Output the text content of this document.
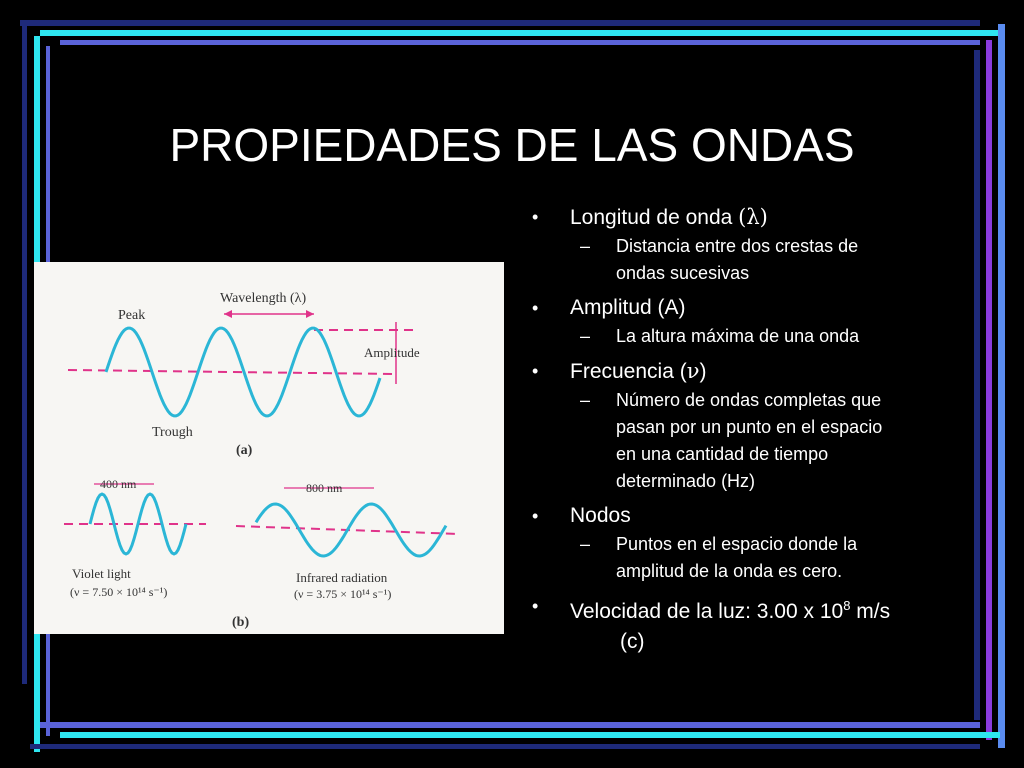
PROPIEDADES DE LAS ONDAS
Peak
Wavelength (λ)
Amplitude
Trough
(a)
400 nm
Violet light
(ν = 7.50 × 10¹⁴ s⁻¹)
800 nm
Infrared radiation
(ν = 3.75 × 10¹⁴ s⁻¹)
(b)
• Longitud de onda (λ)
– Distancia entre dos crestas de
ondas sucesivas
• Amplitud (A)
– La altura máxima de una onda
• Frecuencia (ν)
– Número de ondas completas que
pasan por un punto en el espacio
en una cantidad de tiempo
determinado (Hz)
• Nodos
– Puntos en el espacio donde la
amplitud de la onda es cero.
• Velocidad de la luz: 3.00 x $10^8$ m/s
(c)
